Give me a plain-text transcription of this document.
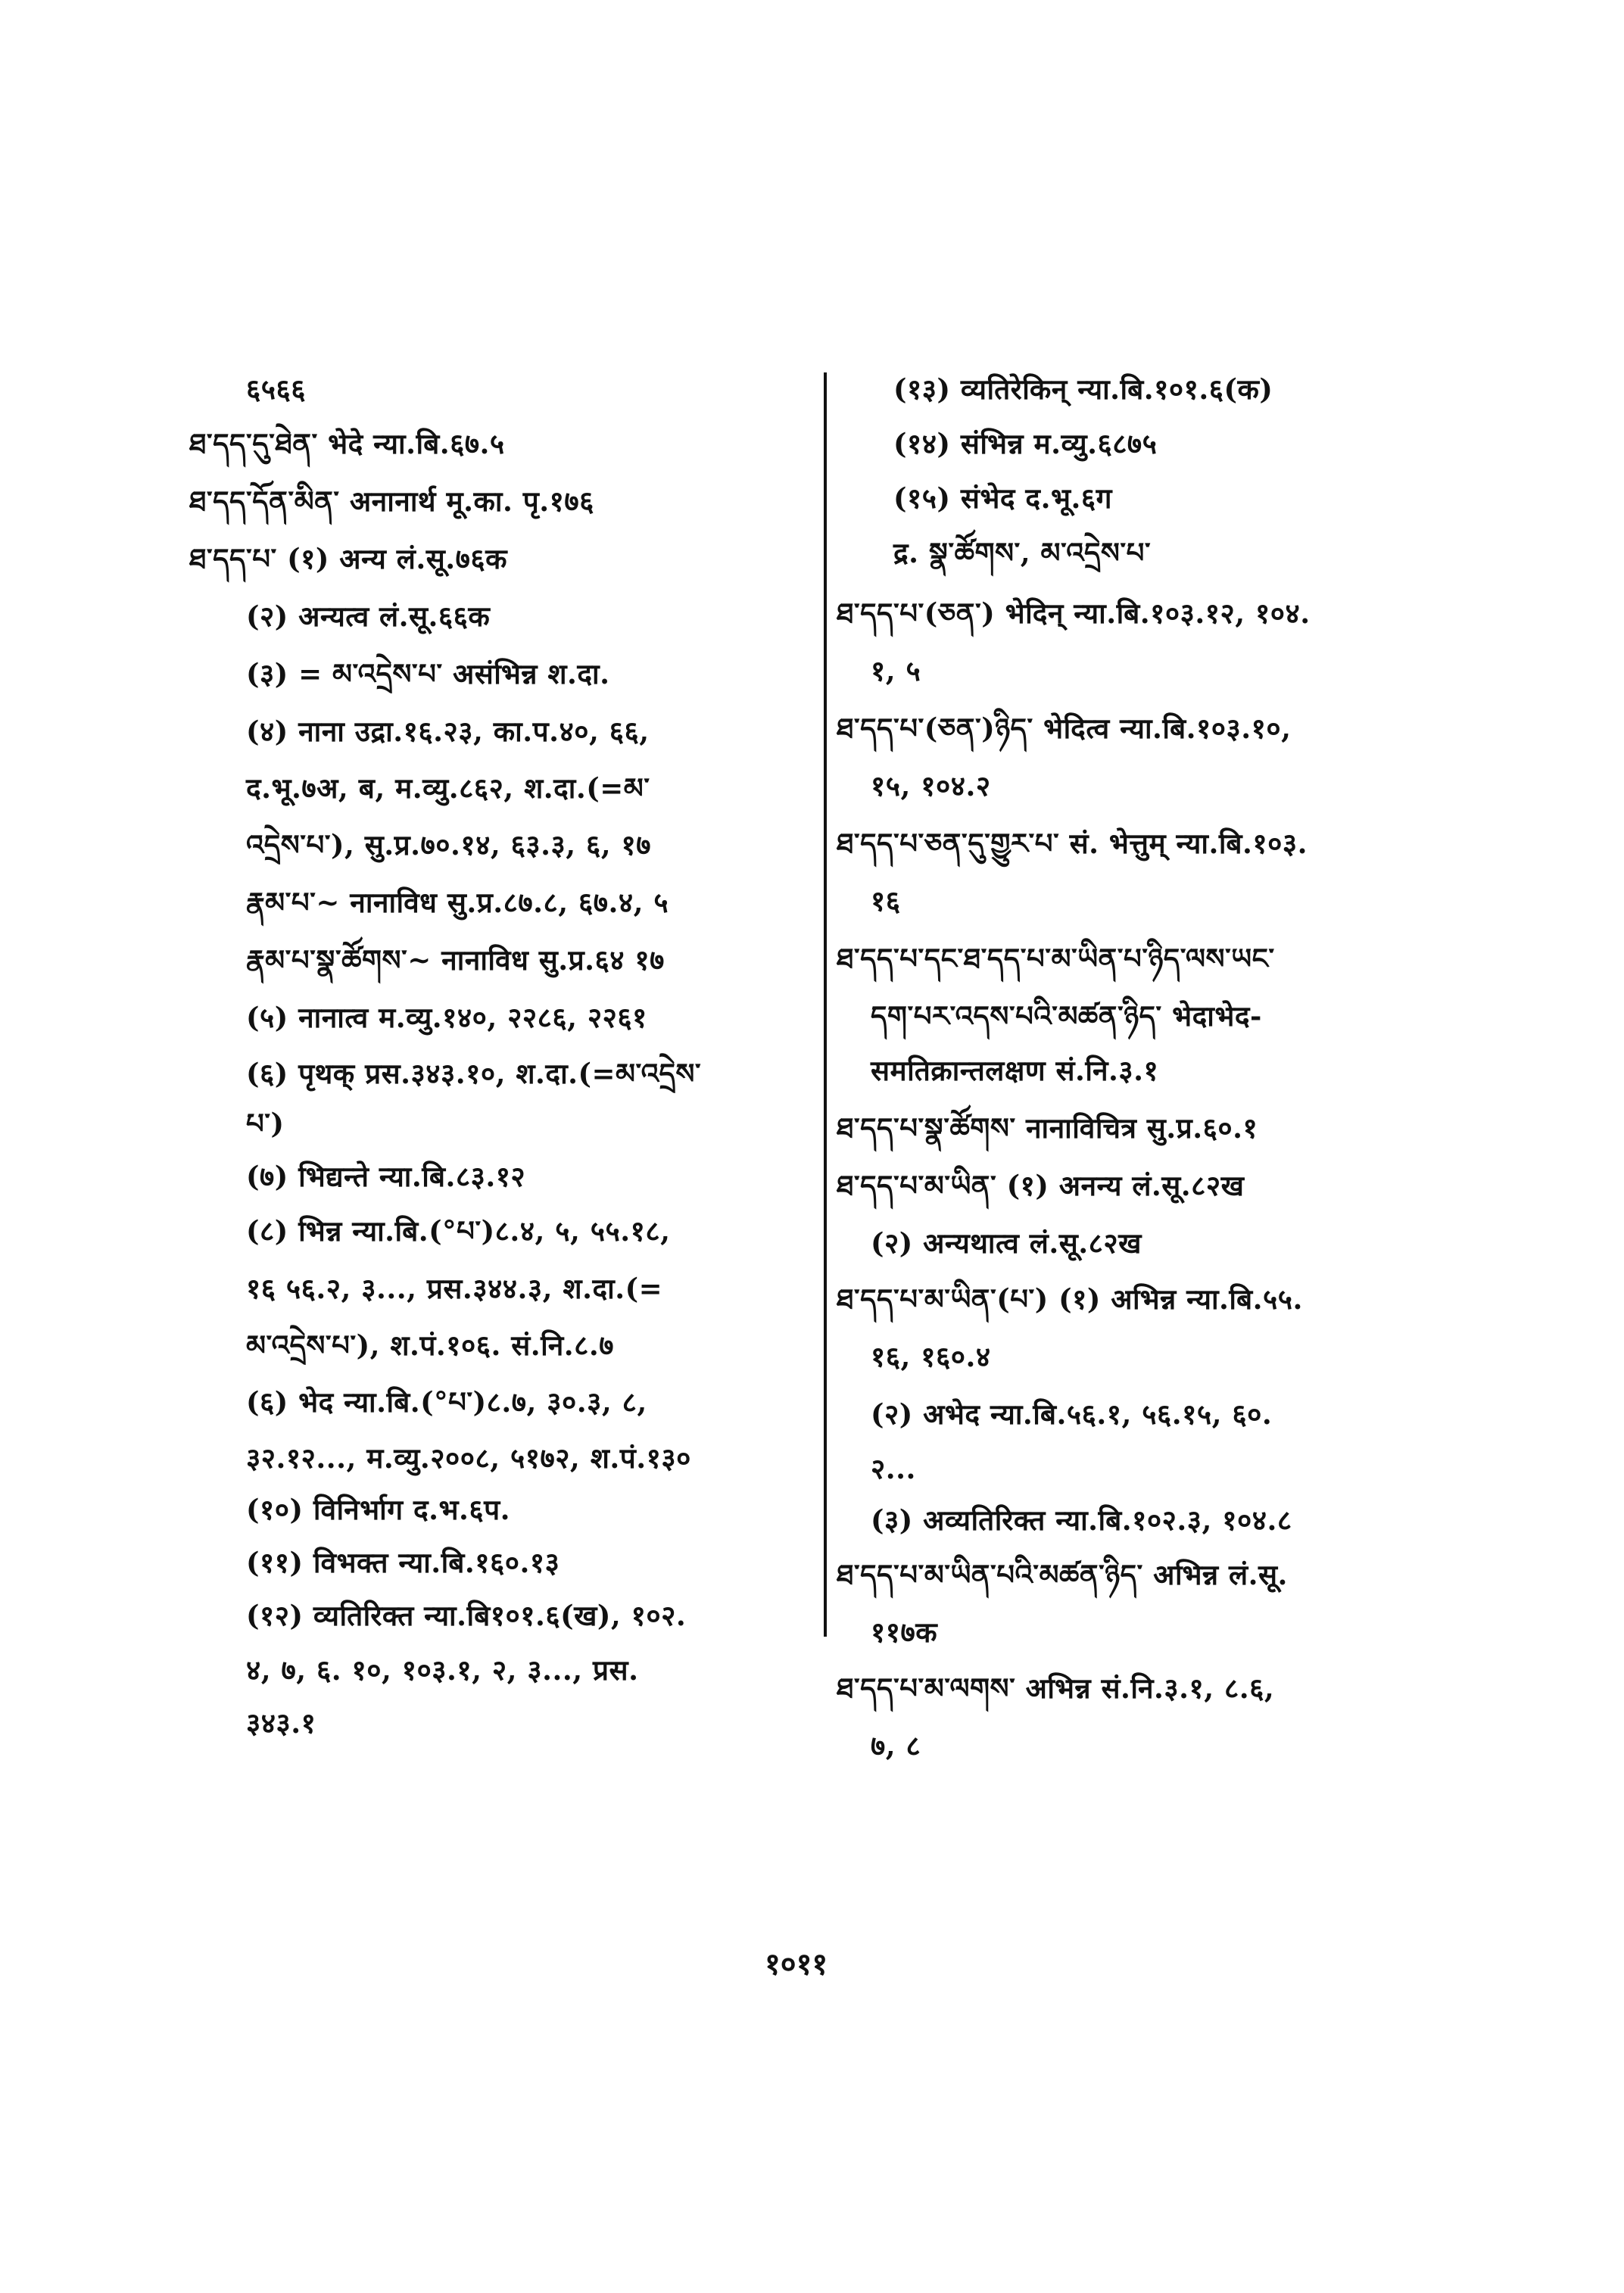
६५६६
ཐ་དད་དུ་ཐེན་ भेदे न्या.बि.६७.५
ཐ་དད་དོན་མིན་ अनानार्थ मू.का. पृ.१७६
ཐ་དད་པ་ (१) अन्य लं.सू.७६क
(२) अन्यत्व लं.सू.६६क
(३) = མ་འདྲེས་པ་ असंभिन्न श.दा.
(४) नाना उद्रा.१६.२३, का.प.४०, ६६,
द.भू.७अ, ब, म.व्यु.८६२, श.दा.(=མ་
འདྲེས་པ་), सु.प्र.७०.१४, ६३.३, ६, १७
རྣམ་པ་~ नानाविध सु.प्र.८७.८, ६७.४, ५
རྣམ་པ་སྣ་ཚོགས་~ नानाविध सु.प्र.६४ १७
(५) नानात्व म.व्यु.१४०, २२८६, २२६१
(६) पृथक् प्रस.३४३.१०, श.दा.(=མ་འདྲེས་
པ་)
(७) भिद्यन्ते न्या.बि.८३.१२
(८) भिन्न न्या.बि.(°པ་)८.४, ५, ५५.१८,
१६ ५६.२, ३..., प्रस.३४४.३, श.दा.(=
མ་འདྲེས་པ་), श.पं.१०६. सं.नि.८.७
(६) भेद न्या.बि.(°པ་)८.७, ३०.३, ८,
३२.१२..., म.व्यु.२००८, ५१७२, श.पं.१३०
(१०) विनिर्भाग द.भ.६प.
(११) विभक्त न्या.बि.१६०.१३
(१२) व्यतिरिक्त न्या.बि१०१.६(ख), १०२.
४, ७, ६. १०, १०३.१, २, ३..., प्रस.
३४३.१
(१३) व्यतिरेकिन् न्या.बि.१०१.६(क)
(१४) संभिन्न म.व्यु.६८७५
(१५) संभेद द.भू.६ग
द्र. སྣ་ཚོགས་, མ་འདྲེས་པ་
ཐ་དད་པ་(ཅན་) भेदिन् न्या.बि.१०३.१२, १०४.
१, ५
ཐ་དད་པ་(ཅན་)ཉིད་ भेदित्व न्या.बि.१०३.१०,
१५, १०४.२
ཐ་དད་པ་ཅན་དུ་གྱུར་པ་ सं. भेत्तुम् न्या.बि.१०३.
१६
ཐ་དད་པ་དང་ཐ་དད་པ་མ་ཡིན་པ་ཉིད་ལས་ཡང་
དག་པར་འདས་པའི་མཚན་ཉིད་ भेदाभेद-
समतिक्रान्तलक्षण सं.नि.३.१
ཐ་དད་པ་སྣ་ཚོགས་ नानाविचित्र सु.प्र.६०.१
ཐ་དད་པ་མ་ཡིན་ (१) अनन्य लं.सू.८२ख
(२) अन्यथात्व लं.सू.८२ख
ཐ་དད་པ་མ་ཡིན་(པ་) (१) अभिन्न न्या.बि.५५.
१६, १६०.४
(२) अभेद न्या.बि.५६.१, ५६.१५, ६०.
२...
(३) अव्यतिरिक्त न्या.बि.१०२.३, १०४.८
ཐ་དད་པ་མ་ཡིན་པའི་མཚན་ཉིད་ अभिन्न लं.सू.
११७क
ཐ་དད་པ་མ་ལགས་ अभिन्न सं.नि.३.१, ८.६,
७, ८
१०११
